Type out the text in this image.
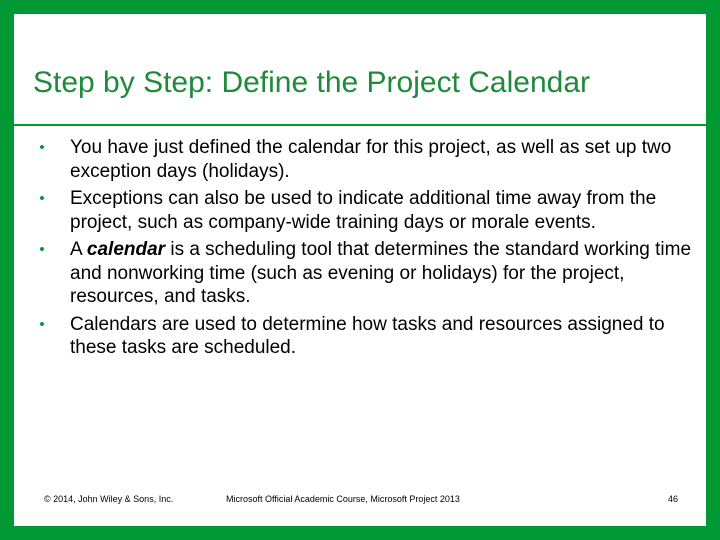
Step by Step: Define the Project Calendar
• You have just defined the calendar for this project, as well as set up two exception days (holidays).
• Exceptions can also be used to indicate additional time away from the project, such as company-wide training days or morale events.
• A calendar is a scheduling tool that determines the standard working time and nonworking time (such as evening or holidays) for the project, resources, and tasks.
• Calendars are used to determine how tasks and resources assigned to these tasks are scheduled.
© 2014, John Wiley & Sons, Inc.	Microsoft Official Academic Course, Microsoft Project 2013	46
